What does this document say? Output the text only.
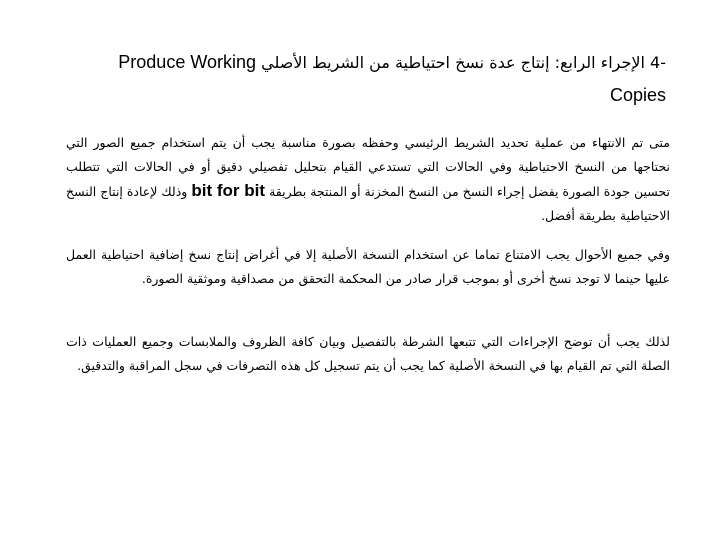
-4 الإجراء الرابع: إنتاج عدة نسخ احتياطية من الشريط الأصلي Produce Working Copies

متى تم الانتهاء من عملية تحديد الشريط الرئيسي وحفظه بصورة مناسبة يجب أن يتم استخدام جميع الصور التي نحتاجها من النسخ الاحتياطية وفي الحالات التي تستدعي القيام بتحليل تفصيلي دقيق أو في الحالات التي تتطلب تحسين جودة الصورة يفضل إجراء النسخ من النسخ المخزنة أو المنتجة بطريقة bit for bit وذلك لإعادة إنتاج النسخ الاحتياطية بطريقة أفضل.

وفي جميع الأحوال يجب الامتناع تماما عن استخدام النسخة الأصلية إلا في أغراض إنتاج نسخ إضافية احتياطية العمل عليها حينما لا توجد نسخ أخرى أو بموجب قرار صادر من المحكمة التحقق من مصداقية وموثقية الصورة.

لذلك يجب أن توضح الإجراءات التي تتبعها الشرطة بالتفصيل وبيان كافة الظروف والملابسات وجميع العمليات ذات الصلة التي تم القيام بها في النسخة الأصلية كما يجب أن يتم تسجيل كل هذه التصرفات في سجل المراقبة والتدقيق.
